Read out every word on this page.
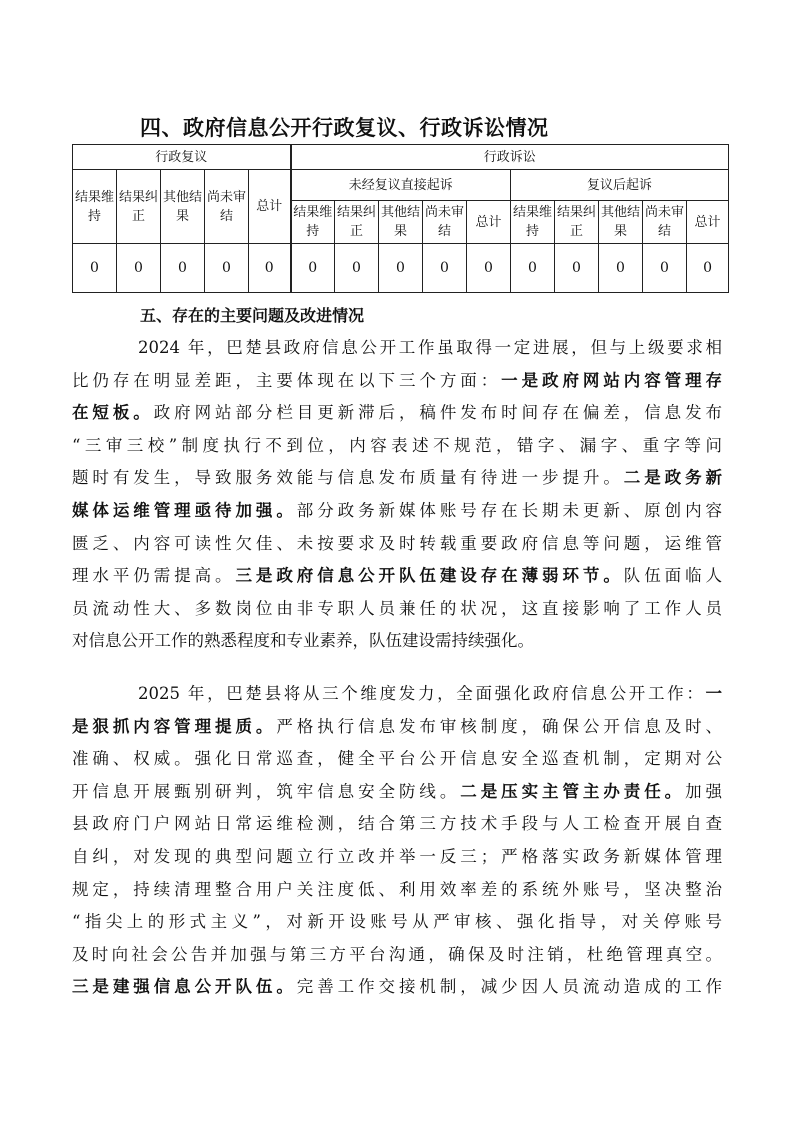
四、政府信息公开行政复议、行政诉讼情况
行政复议					行政诉讼									
结果维持	结果纠正	其他结果	尚未审结	总计	未经复议直接起诉					复议后起诉				
					结果维持	结果纠正	其他结果	尚未审结	总计	结果维持	结果纠正	其他结果	尚未审结	总计
0	0	0	0	0	0	0	0	0	0	0	0	0	0	0
五、存在的主要问题及改进情况
2024 年，巴楚县政府信息公开工作虽取得一定进展，但与上级要求相
比仍存在明显差距，主要体现在以下三个方面：一是政府网站内容管理存
在短板。政府网站部分栏目更新滞后，稿件发布时间存在偏差，信息发布
“三审三校”制度执行不到位，内容表述不规范，错字、漏字、重字等问
题时有发生，导致服务效能与信息发布质量有待进一步提升。二是政务新
媒体运维管理亟待加强。部分政务新媒体账号存在长期未更新、原创内容
匮乏、内容可读性欠佳、未按要求及时转载重要政府信息等问题，运维管
理水平仍需提高。三是政府信息公开队伍建设存在薄弱环节。队伍面临人
员流动性大、多数岗位由非专职人员兼任的状况，这直接影响了工作人员
对信息公开工作的熟悉程度和专业素养，队伍建设需持续强化。
2025 年，巴楚县将从三个维度发力，全面强化政府信息公开工作：一
是狠抓内容管理提质。严格执行信息发布审核制度，确保公开信息及时、
准确、权威。强化日常巡查，健全平台公开信息安全巡查机制，定期对公
开信息开展甄别研判，筑牢信息安全防线。二是压实主管主办责任。加强
县政府门户网站日常运维检测，结合第三方技术手段与人工检查开展自查
自纠，对发现的典型问题立行立改并举一反三；严格落实政务新媒体管理
规定，持续清理整合用户关注度低、利用效率差的系统外账号，坚决整治
“指尖上的形式主义”，对新开设账号从严审核、强化指导，对关停账号
及时向社会公告并加强与第三方平台沟通，确保及时注销，杜绝管理真空。
三是建强信息公开队伍。完善工作交接机制，减少因人员流动造成的工作
